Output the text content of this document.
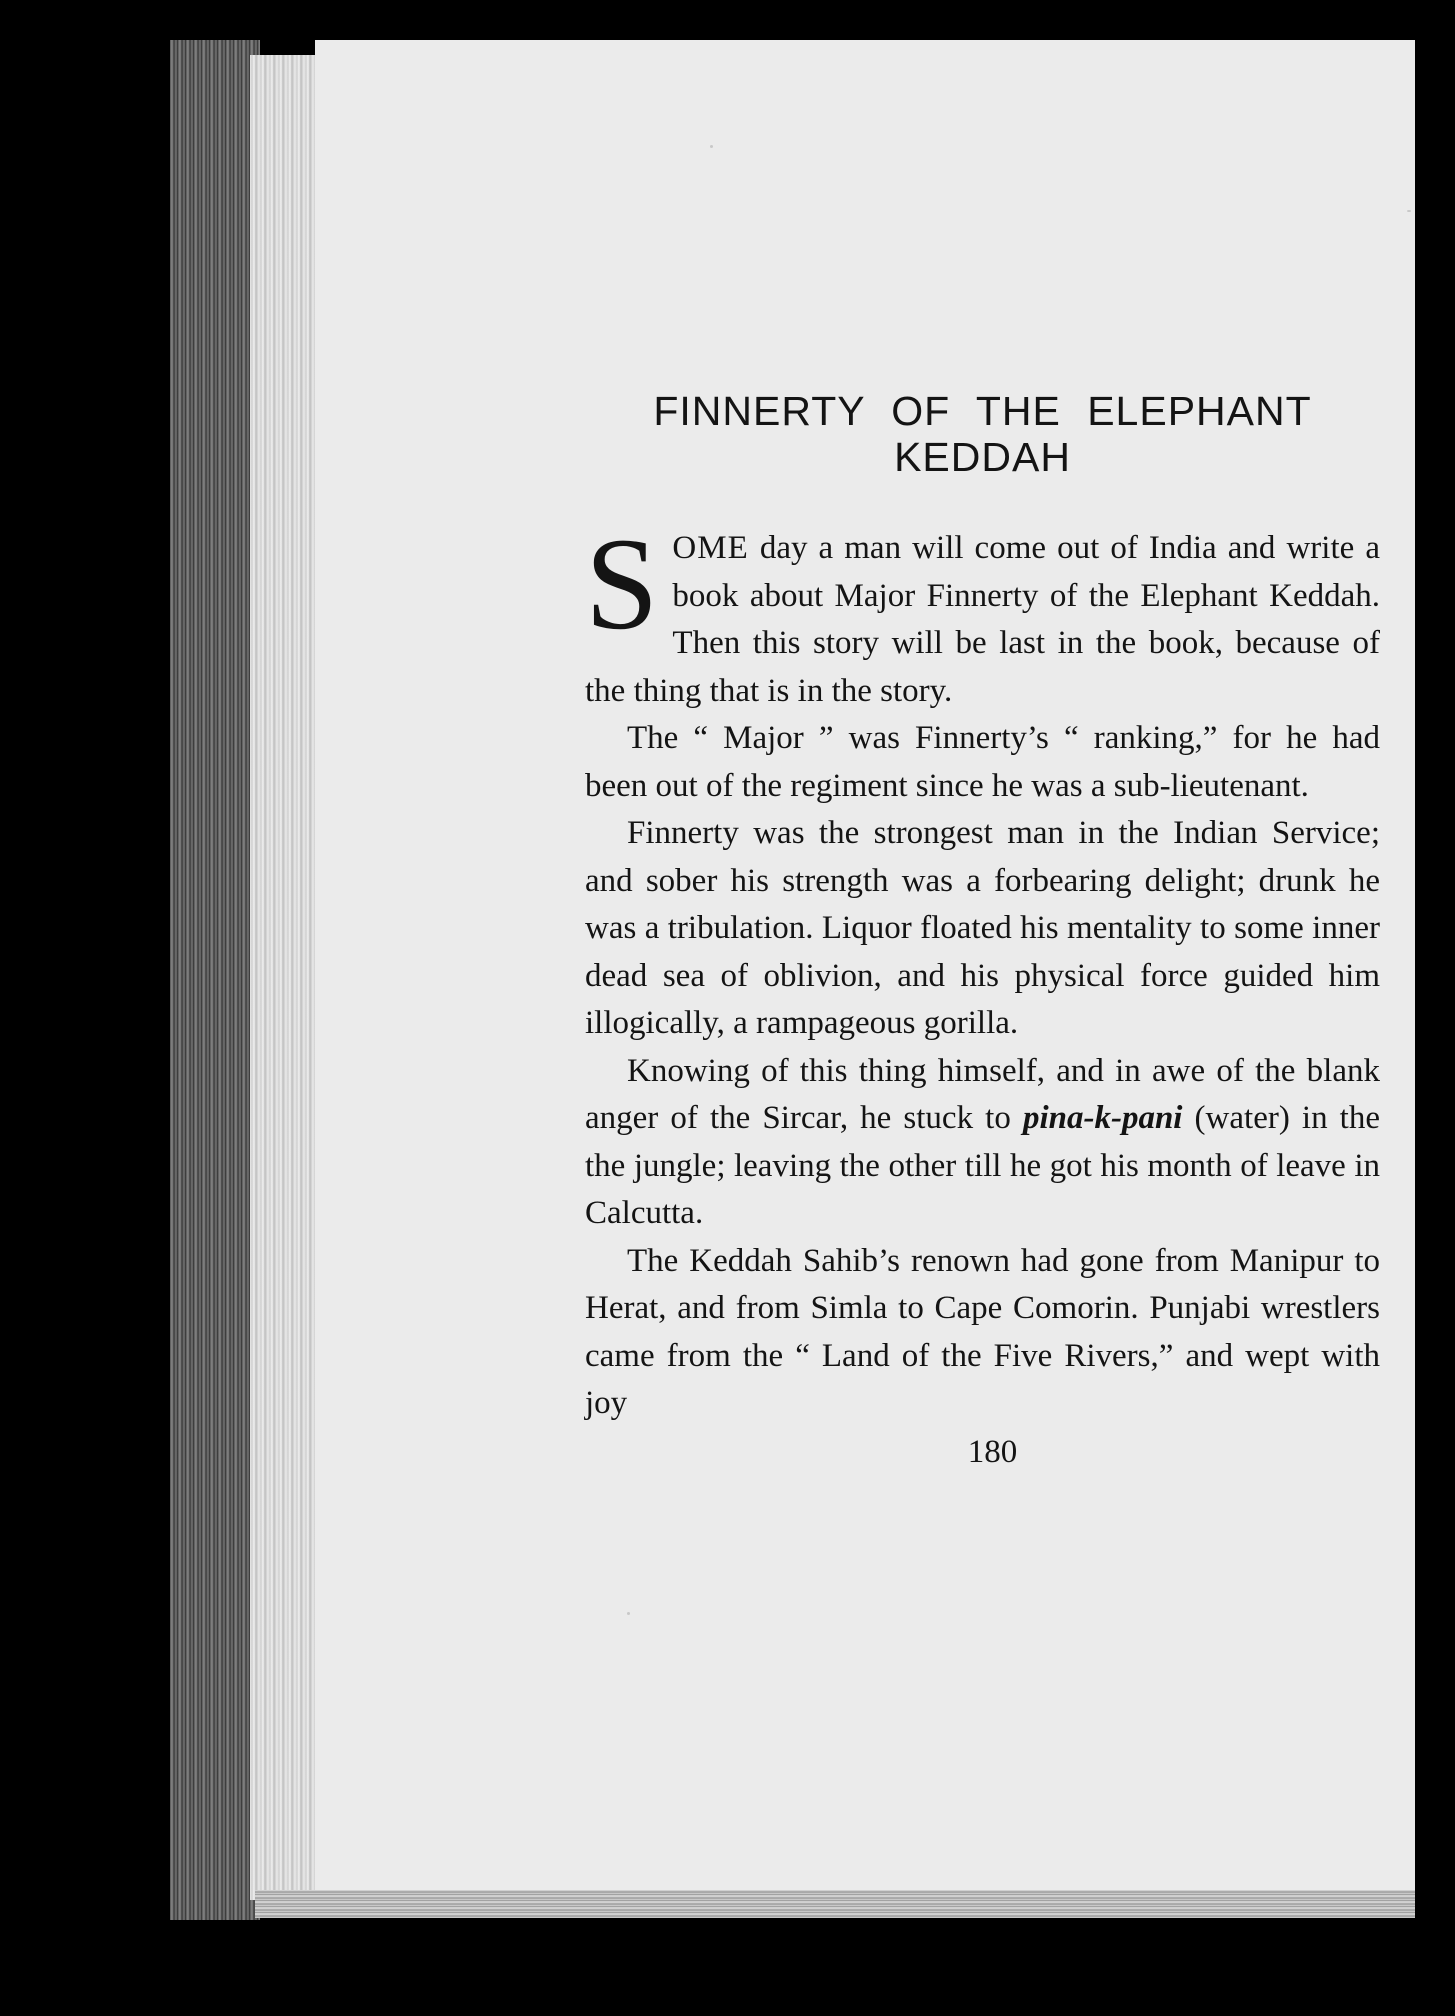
FINNERTY OF THE ELEPHANT
KEDDAH

SOME day a man will come out of India and write a book about Major Finnerty of the Elephant Keddah. Then this story will be last in the book, because of the thing that is in the story.

The “ Major ” was Finnerty’s “ ranking,” for he had been out of the regiment since he was a sub-lieutenant.

Finnerty was the strongest man in the Indian Service; and sober his strength was a forbearing delight; drunk he was a tribulation. Liquor floated his mentality to some inner dead sea of oblivion, and his physical force guided him illogically, a rampageous gorilla.

Knowing of this thing himself, and in awe of the blank anger of the Sircar, he stuck to pina-k-pani (water) in the the jungle; leaving the other till he got his month of leave in Calcutta.

The Keddah Sahib’s renown had gone from Manipur to Herat, and from Simla to Cape Comorin. Punjabi wrestlers came from the “ Land of the Five Rivers,” and wept with joy

180
